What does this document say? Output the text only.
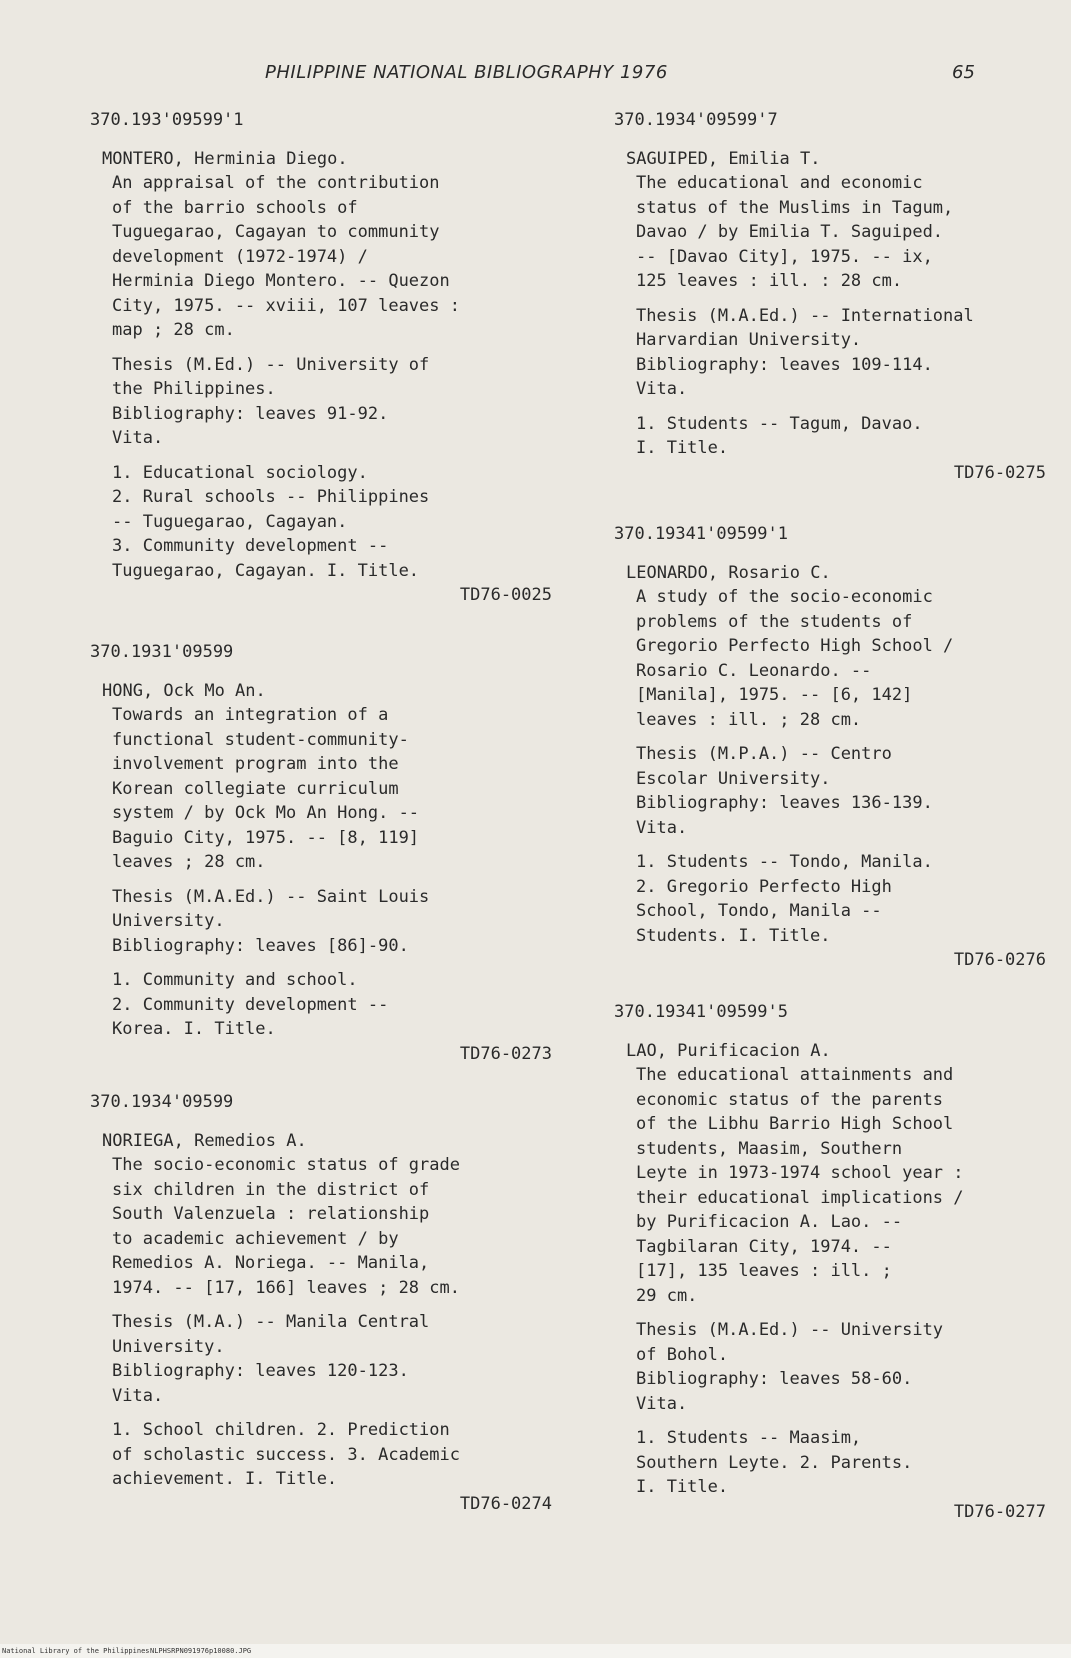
PHILIPPINE NATIONAL BIBLIOGRAPHY 1976	65
370.193'09599'1
MONTERO, Herminia Diego.
An appraisal of the contribution
of the barrio schools of
Tuguegarao, Cagayan to community
development (1972-1974) /
Herminia Diego Montero. -- Quezon
City, 1975. -- xviii, 107 leaves :
map ; 28 cm.
Thesis (M.Ed.) -- University of
the Philippines.
Bibliography: leaves 91-92.
Vita.
1. Educational sociology.
2. Rural schools -- Philippines
-- Tuguegarao, Cagayan.
3. Community development --
Tuguegarao, Cagayan. I. Title.
TD76-0025
370.1931'09599
HONG, Ock Mo An.
Towards an integration of a
functional student-community-
involvement program into the
Korean collegiate curriculum
system / by Ock Mo An Hong. --
Baguio City, 1975. -- [8, 119]
leaves ; 28 cm.
Thesis (M.A.Ed.) -- Saint Louis
University.
Bibliography: leaves [86]-90.
1. Community and school.
2. Community development --
Korea. I. Title.
TD76-0273
370.1934'09599
NORIEGA, Remedios A.
The socio-economic status of grade
six children in the district of
South Valenzuela : relationship
to academic achievement / by
Remedios A. Noriega. -- Manila,
1974. -- [17, 166] leaves ; 28 cm.
Thesis (M.A.) -- Manila Central
University.
Bibliography: leaves 120-123.
Vita.
1. School children. 2. Prediction
of scholastic success. 3. Academic
achievement. I. Title.
TD76-0274
370.1934'09599'7
SAGUIPED, Emilia T.
The educational and economic
status of the Muslims in Tagum,
Davao / by Emilia T. Saguiped.
-- [Davao City], 1975. -- ix,
125 leaves : ill. : 28 cm.
Thesis (M.A.Ed.) -- International
Harvardian University.
Bibliography: leaves 109-114.
Vita.
1. Students -- Tagum, Davao.
I. Title.
TD76-0275
370.19341'09599'1
LEONARDO, Rosario C.
A study of the socio-economic
problems of the students of
Gregorio Perfecto High School /
Rosario C. Leonardo. --
[Manila], 1975. -- [6, 142]
leaves : ill. ; 28 cm.
Thesis (M.P.A.) -- Centro
Escolar University.
Bibliography: leaves 136-139.
Vita.
1. Students -- Tondo, Manila.
2. Gregorio Perfecto High
School, Tondo, Manila --
Students. I. Title.
TD76-0276
370.19341'09599'5
LAO, Purificacion A.
The educational attainments and
economic status of the parents
of the Libhu Barrio High School
students, Maasim, Southern
Leyte in 1973-1974 school year :
their educational implications /
by Purificacion A. Lao. --
Tagbilaran City, 1974. --
[17], 135 leaves : ill. ;
29 cm.
Thesis (M.A.Ed.) -- University
of Bohol.
Bibliography: leaves 58-60.
Vita.
1. Students -- Maasim,
Southern Leyte. 2. Parents.
I. Title.
TD76-0277
National Library of the Philippines NLPHSRPN091976p10080.JPG
